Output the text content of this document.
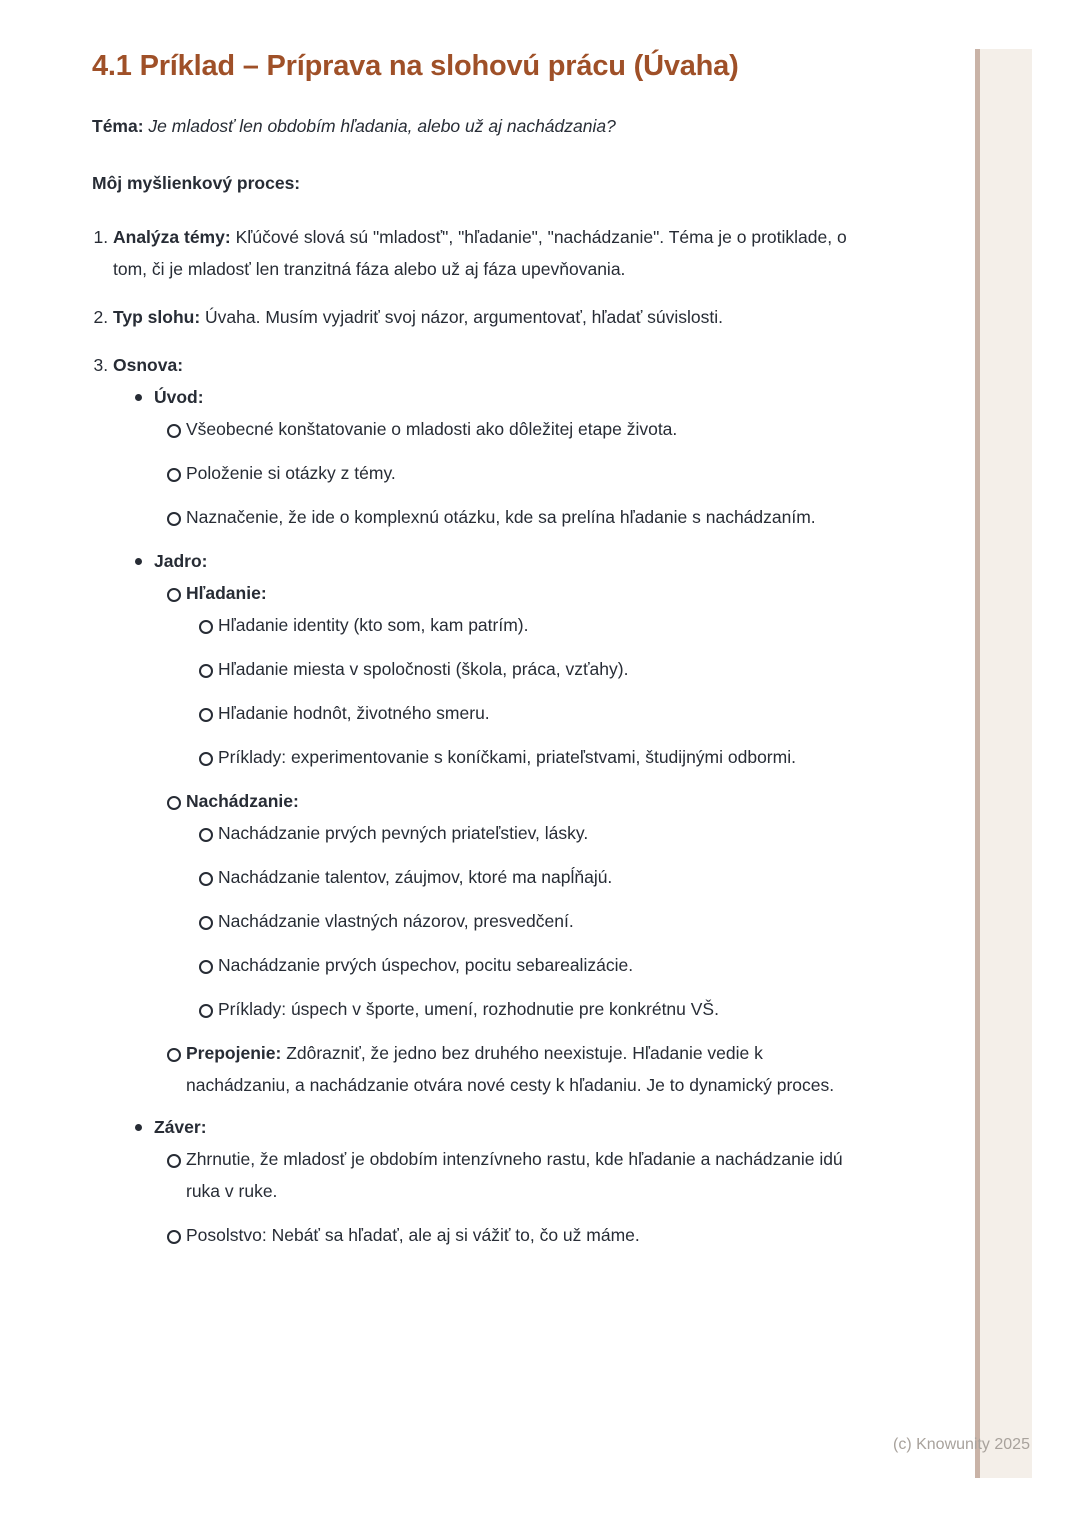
4.1 Príklad – Príprava na slohovú prácu (Úvaha)

Téma: Je mladosť len obdobím hľadania, alebo už aj nachádzania?

Môj myšlienkový proces:

1. Analýza témy: Kľúčové slová sú "mladosť", "hľadanie", "nachádzanie". Téma je o protiklade, o tom, či je mladosť len tranzitná fáza alebo už aj fáza upevňovania.
2. Typ slohu: Úvaha. Musím vyjadriť svoj názor, argumentovať, hľadať súvislosti.
3. Osnova:
Úvod:
Všeobecné konštatovanie o mladosti ako dôležitej etape života.
Položenie si otázky z témy.
Naznačenie, že ide o komplexnú otázku, kde sa prelína hľadanie s nachádzaním.
Jadro:
Hľadanie:
Hľadanie identity (kto som, kam patrím).
Hľadanie miesta v spoločnosti (škola, práca, vzťahy).
Hľadanie hodnôt, životného smeru.
Príklady: experimentovanie s koníčkami, priateľstvami, študijnými odbormi.
Nachádzanie:
Nachádzanie prvých pevných priateľstiev, lásky.
Nachádzanie talentov, záujmov, ktoré ma napĺňajú.
Nachádzanie vlastných názorov, presvedčení.
Nachádzanie prvých úspechov, pocitu sebarealizácie.
Príklady: úspech v športe, umení, rozhodnutie pre konkrétnu VŠ.
Prepojenie: Zdôrazniť, že jedno bez druhého neexistuje. Hľadanie vedie k nachádzaniu, a nachádzanie otvára nové cesty k hľadaniu. Je to dynamický proces.
Záver:
Zhrnutie, že mladosť je obdobím intenzívneho rastu, kde hľadanie a nachádzanie idú ruka v ruke.
Posolstvo: Nebáť sa hľadať, ale aj si vážiť to, čo už máme.
(c) Knowunity 2025
